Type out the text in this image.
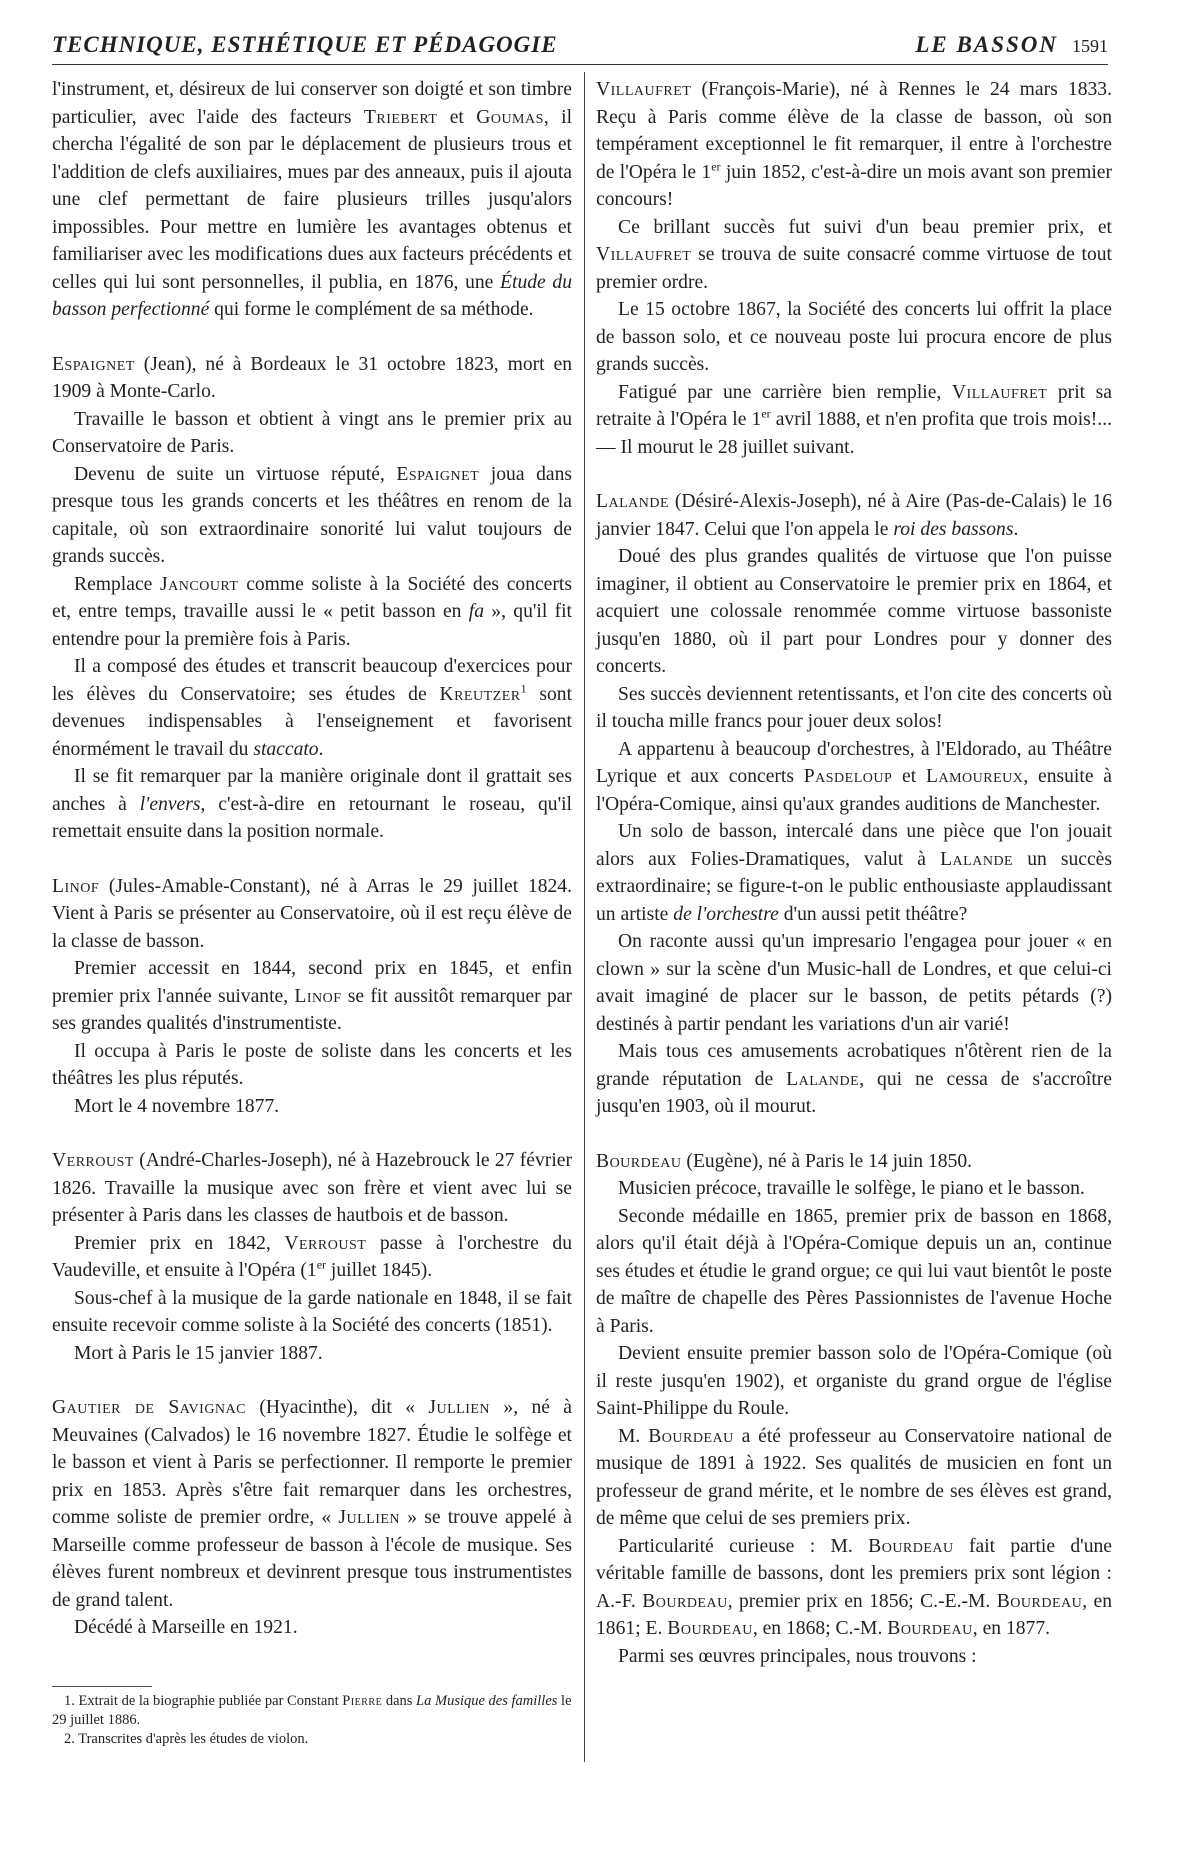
TECHNIQUE, ESTHÉTIQUE ET PÉDAGOGIE	LE BASSON 1591

l'instrument, et, désireux de lui conserver son doigté et son timbre particulier, avec l'aide des facteurs Triebert et Goumas, il chercha l'égalité de son par le déplacement de plusieurs trous et l'addition de clefs auxiliaires, mues par des anneaux, puis il ajouta une clef permettant de faire plusieurs trilles jusqu'alors impossibles. Pour mettre en lumière les avantages obtenus et familiariser avec les modifications dues aux facteurs précédents et celles qui lui sont personnelles, il publia, en 1876, une Étude du basson perfectionné qui forme le complément de sa méthode.

Espaignet (Jean), né à Bordeaux le 31 octobre 1823, mort en 1909 à Monte-Carlo.

Travaille le basson et obtient à vingt ans le premier prix au Conservatoire de Paris.

Devenu de suite un virtuose réputé, Espaignet joua dans presque tous les grands concerts et les théâtres en renom de la capitale, où son extraordinaire sonorité lui valut toujours de grands succès.

Remplace Jancourt comme soliste à la Société des concerts et, entre temps, travaille aussi le « petit basson en fa », qu'il fit entendre pour la première fois à Paris.

Il a composé des études et transcrit beaucoup d'exercices pour les élèves du Conservatoire; ses études de Kreutzer$^1$ sont devenues indispensables à l'enseignement et favorisent énormément le travail du staccato.

Il se fit remarquer par la manière originale dont il grattait ses anches à l'envers, c'est-à-dire en retournant le roseau, qu'il remettait ensuite dans la position normale.

Linof (Jules-Amable-Constant), né à Arras le 29 juillet 1824. Vient à Paris se présenter au Conservatoire, où il est reçu élève de la classe de basson.

Premier accessit en 1844, second prix en 1845, et enfin premier prix l'année suivante, Linof se fit aussitôt remarquer par ses grandes qualités d'instrumentiste.

Il occupa à Paris le poste de soliste dans les concerts et les théâtres les plus réputés.

Mort le 4 novembre 1877.

Verroust (André-Charles-Joseph), né à Hazebrouck le 27 février 1826. Travaille la musique avec son frère et vient avec lui se présenter à Paris dans les classes de hautbois et de basson.

Premier prix en 1842, Verroust passe à l'orchestre du Vaudeville, et ensuite à l'Opéra (1er juillet 1845).

Sous-chef à la musique de la garde nationale en 1848, il se fait ensuite recevoir comme soliste à la Société des concerts (1851).

Mort à Paris le 15 janvier 1887.

Gautier de Savignac (Hyacinthe), dit « Jullien », né à Meuvaines (Calvados) le 16 novembre 1827. Étudie le solfège et le basson et vient à Paris se perfectionner. Il remporte le premier prix en 1853. Après s'être fait remarquer dans les orchestres, comme soliste de premier ordre, « Jullien » se trouve appelé à Marseille comme professeur de basson à l'école de musique. Ses élèves furent nombreux et devinrent presque tous instrumentistes de grand talent.

Décédé à Marseille en 1921.

1. Extrait de la biographie publiée par Constant Pierre dans La Musique des familles le 29 juillet 1886.
2. Transcrites d'après les études de violon.

Villaufret (François-Marie), né à Rennes le 24 mars 1833. Reçu à Paris comme élève de la classe de basson, où son tempérament exceptionnel le fit remarquer, il entre à l'orchestre de l'Opéra le 1er juin 1852, c'est-à-dire un mois avant son premier concours!

Ce brillant succès fut suivi d'un beau premier prix, et Villaufret se trouva de suite consacré comme virtuose de tout premier ordre.

Le 15 octobre 1867, la Société des concerts lui offrit la place de basson solo, et ce nouveau poste lui procura encore de plus grands succès.

Fatigué par une carrière bien remplie, Villaufret prit sa retraite à l'Opéra le 1er avril 1888, et n'en profita que trois mois!... — Il mourut le 28 juillet suivant.

Lalande (Désiré-Alexis-Joseph), né à Aire (Pas-de-Calais) le 16 janvier 1847. Celui que l'on appela le roi des bassons.

Doué des plus grandes qualités de virtuose que l'on puisse imaginer, il obtient au Conservatoire le premier prix en 1864, et acquiert une colossale renommée comme virtuose bassoniste jusqu'en 1880, où il part pour Londres pour y donner des concerts.

Ses succès deviennent retentissants, et l'on cite des concerts où il toucha mille francs pour jouer deux solos!

A appartenu à beaucoup d'orchestres, à l'Eldorado, au Théâtre Lyrique et aux concerts Pasdeloup et Lamoureux, ensuite à l'Opéra-Comique, ainsi qu'aux grandes auditions de Manchester.

Un solo de basson, intercalé dans une pièce que l'on jouait alors aux Folies-Dramatiques, valut à Lalande un succès extraordinaire; se figure-t-on le public enthousiaste applaudissant un artiste de l'orchestre d'un aussi petit théâtre?

On raconte aussi qu'un impresario l'engagea pour jouer « en clown » sur la scène d'un Music-hall de Londres, et que celui-ci avait imaginé de placer sur le basson, de petits pétards (?) destinés à partir pendant les variations d'un air varié!

Mais tous ces amusements acrobatiques n'ôtèrent rien de la grande réputation de Lalande, qui ne cessa de s'accroître jusqu'en 1903, où il mourut.

Bourdeau (Eugène), né à Paris le 14 juin 1850.

Musicien précoce, travaille le solfège, le piano et le basson.

Seconde médaille en 1865, premier prix de basson en 1868, alors qu'il était déjà à l'Opéra-Comique depuis un an, continue ses études et étudie le grand orgue; ce qui lui vaut bientôt le poste de maître de chapelle des Pères Passionnistes de l'avenue Hoche à Paris.

Devient ensuite premier basson solo de l'Opéra-Comique (où il reste jusqu'en 1902), et organiste du grand orgue de l'église Saint-Philippe du Roule.

M. Bourdeau a été professeur au Conservatoire national de musique de 1891 à 1922. Ses qualités de musicien en font un professeur de grand mérite, et le nombre de ses élèves est grand, de même que celui de ses premiers prix.

Particularité curieuse : M. Bourdeau fait partie d'une véritable famille de bassons, dont les premiers prix sont légion : A.-F. Bourdeau, premier prix en 1856; C.-E.-M. Bourdeau, en 1861; E. Bourdeau, en 1868; C.-M. Bourdeau, en 1877.

Parmi ses œuvres principales, nous trouvons :
